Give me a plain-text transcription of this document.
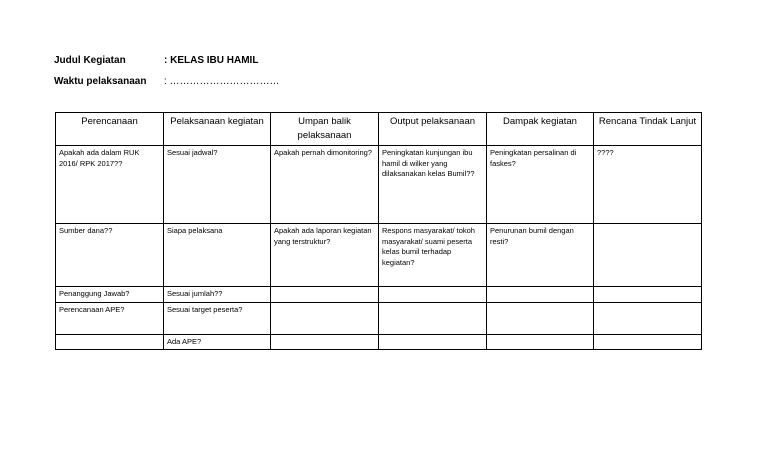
Judul Kegiatan	: KELAS IBU HAMIL
Waktu pelaksanaan : ……………………………
Perencanaan	Pelaksanaan kegiatan	Umpan balik pelaksanaan	Output pelaksanaan	Dampak kegiatan	Rencana Tindak Lanjut
Apakah ada dalam RUK 2016/ RPK 2017??	Sesuai jadwal?	Apakah pernah dimonitoring?	Peningkatan kunjungan ibu hamil di wilker yang dilaksanakan kelas Bumil??	Peningkatan persalinan di faskes?	????
Sumber dana??	Siapa pelaksana	Apakah ada laporan kegiatan yang terstruktur?	Respons masyarakat/ tokoh masyarakat/ suami peserta kelas bumil terhadap kegiatan?	Penurunan bumil dengan resti?	
Penanggung Jawab?	Sesuai jumlah??				
Perencanaan APE?	Sesuai target peserta?				
	Ada APE?				
